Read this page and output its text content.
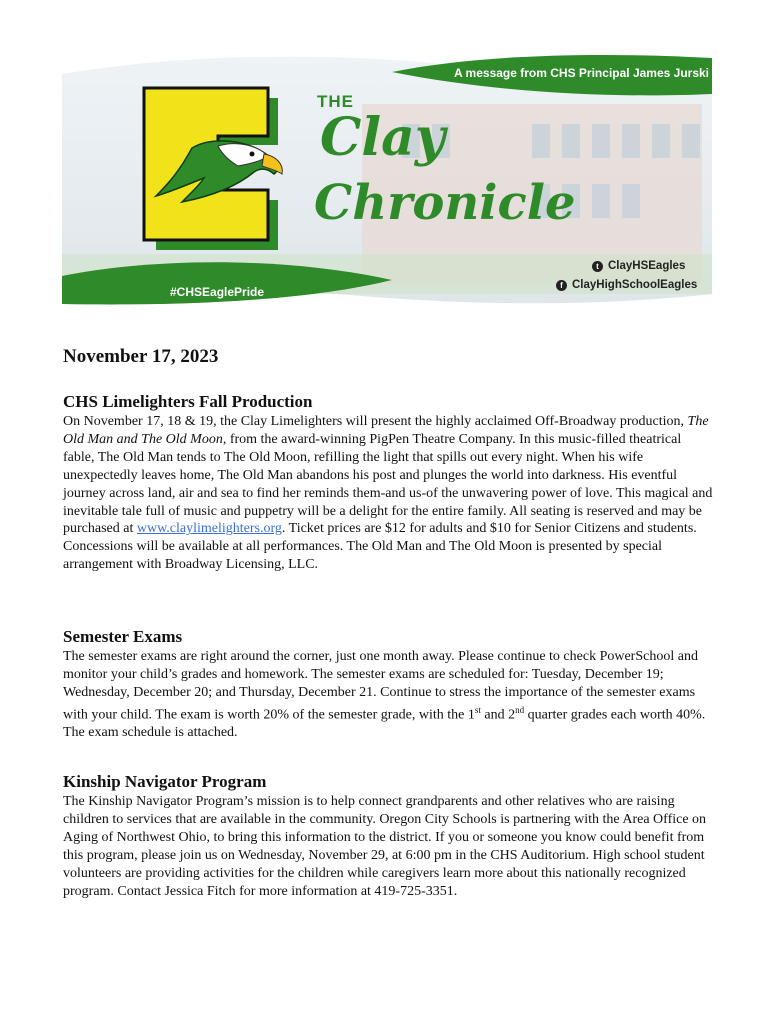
A message from CHS Principal James Jurski
THE
Clay
Chronicle
#CHSEaglePride
t ClayHSEagles
f ClayHighSchoolEagles
November 17, 2023
CHS Limelighters Fall Production

On November 17, 18 & 19, the Clay Limelighters will present the highly acclaimed Off-Broadway production, The Old Man and The Old Moon, from the award-winning PigPen Theatre Company. In this music-filled theatrical fable, The Old Man tends to The Old Moon, refilling the light that spills out every night. When his wife unexpectedly leaves home, The Old Man abandons his post and plunges the world into darkness. His eventful journey across land, air and sea to find her reminds them-and us-of the unwavering power of love. This magical and inevitable tale full of music and puppetry will be a delight for the entire family. All seating is reserved and may be purchased at www.claylimelighters.org. Ticket prices are $12 for adults and $10 for Senior Citizens and students. Concessions will be available at all performances. The Old Man and The Old Moon is presented by special arrangement with Broadway Licensing, LLC.

Semester Exams

The semester exams are right around the corner, just one month away. Please continue to check PowerSchool and monitor your child’s grades and homework. The semester exams are scheduled for: Tuesday, December 19; Wednesday, December 20; and Thursday, December 21. Continue to stress the importance of the semester exams with your child. The exam is worth 20% of the semester grade, with the 1st and 2nd quarter grades each worth 40%. The exam schedule is attached.

Kinship Navigator Program

The Kinship Navigator Program’s mission is to help connect grandparents and other relatives who are raising children to services that are available in the community. Oregon City Schools is partnering with the Area Office on Aging of Northwest Ohio, to bring this information to the district. If you or someone you know could benefit from this program, please join us on Wednesday, November 29, at 6:00 pm in the CHS Auditorium. High school student volunteers are providing activities for the children while caregivers learn more about this nationally recognized program. Contact Jessica Fitch for more information at 419-725-3351.
